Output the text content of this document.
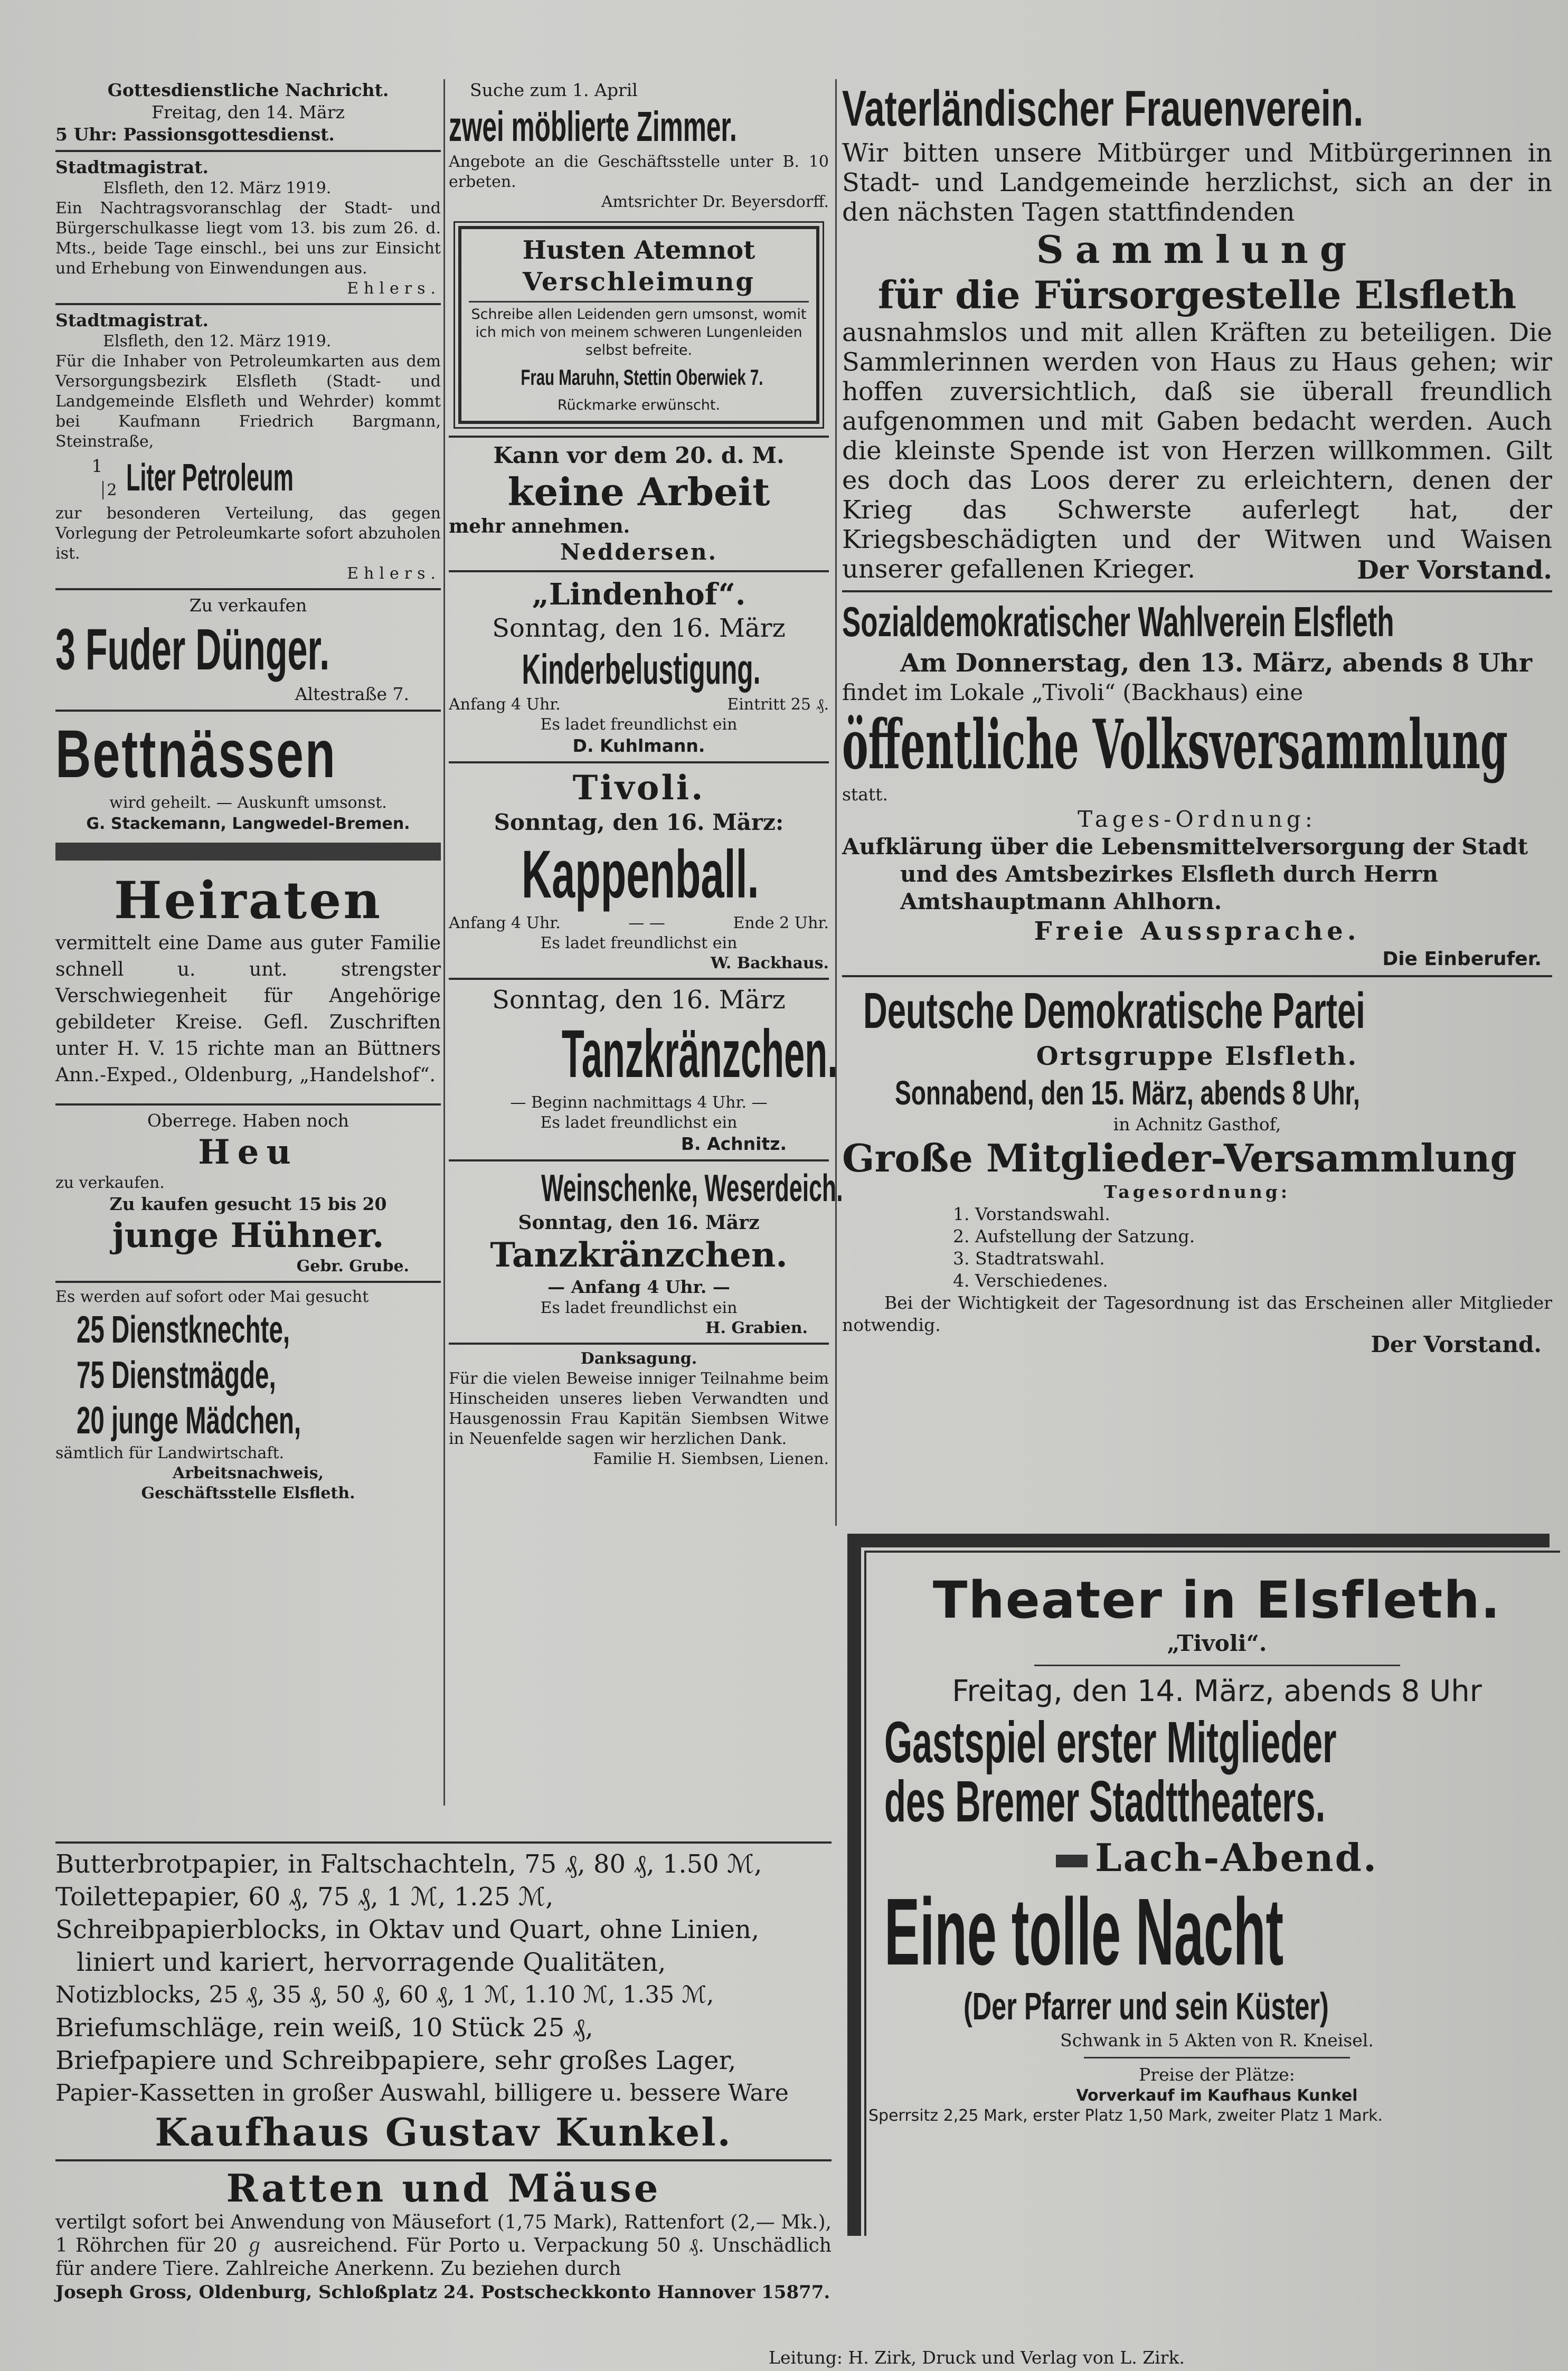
Gottesdienstliche Nachricht.

Freitag, den 14. März

5 Uhr: Passionsgottesdienst.

Stadtmagistrat.

Elsfleth, den 12. März 1919.

Ein Nachtragsvoranschlag der Stadt- und Bürgerschulkasse liegt vom 13. bis zum 26. d. Mts., beide Tage einschl., bei uns zur Einsicht und Erhebung von Einwendungen aus.

Ehlers.

Stadtmagistrat.

Elsfleth, den 12. März 1919.

Für die Inhaber von Petroleumkarten aus dem Versorgungsbezirk Elsfleth (Stadt- und Landgemeinde Elsfleth und Wehrder) kommt bei Kaufmann Friedrich Bargmann, Steinstraße,

12 Liter Petroleum

zur besonderen Verteilung, das gegen Vorlegung der Petroleumkarte sofort abzuholen ist.

Ehlers.

Zu verkaufen

3 Fuder Dünger.

Altestraße 7.

Bettnässen

wird geheilt. — Auskunft umsonst.

G. Stackemann, Langwedel-Bremen.

Heiraten

vermittelt eine Dame aus guter Familie schnell u. unt. strengster Verschwiegenheit für Angehörige gebildeter Kreise. Gefl. Zuschriften unter H. V. 15 richte man an Büttners Ann.-Exped., Oldenburg, „Handelshof“.

Oberrege. Haben noch

Heu

zu verkaufen.

Zu kaufen gesucht 15 bis 20

junge Hühner.

Gebr. Grube.

Es werden auf sofort oder Mai gesucht

25 Dienstknechte,

75 Dienstmägde,

20 junge Mädchen,

sämtlich für Landwirtschaft.

Arbeitsnachweis,

Geschäftsstelle Elsfleth.

Suche zum 1. April

zwei möblierte Zimmer.

Angebote an die Geschäftsstelle unter B. 10 erbeten.

Amtsrichter Dr. Beyersdorff.

Husten Atemnot

Verschleimung

Schreibe allen Leidenden gern umsonst, womit ich mich von meinem schweren Lungenleiden selbst befreite.

Frau Maruhn, Stettin Oberwiek 7.

Rückmarke erwünscht.

Kann vor dem 20. d. M.

keine Arbeit

mehr annehmen.

Neddersen.

„Lindenhof“.

Sonntag, den 16. März

Kinderbelustigung.

Anfang 4 Uhr.	Eintritt 25 ₰.

Es ladet freundlichst ein

D. Kuhlmann.

Tivoli.

Sonntag, den 16. März:

Kappenball.

Anfang 4 Uhr.	— —	Ende 2 Uhr.

Es ladet freundlichst ein

W. Backhaus.

Sonntag, den 16. März

Tanzkränzchen.

— Beginn nachmittags 4 Uhr. —

Es ladet freundlichst ein

B. Achnitz.

Weinschenke, Weserdeich.

Sonntag, den 16. März

Tanzkränzchen.

— Anfang 4 Uhr. —

Es ladet freundlichst ein

H. Grabien.

Danksagung.

Für die vielen Beweise inniger Teilnahme beim Hinscheiden unseres lieben Verwandten und Hausgenossin Frau Kapitän Siembsen Witwe in Neuenfelde sagen wir herzlichen Dank.

Familie H. Siembsen, Lienen.

Butterbrotpapier, in Faltschachteln, 75 ₰, 80 ₰, 1.50 ℳ,

Toilettepapier, 60 ₰, 75 ₰, 1 ℳ, 1.25 ℳ,

Schreibpapierblocks, in Oktav und Quart, ohne Linien,

liniert und kariert, hervorragende Qualitäten,

Notizblocks, 25 ₰, 35 ₰, 50 ₰, 60 ₰, 1 ℳ, 1.10 ℳ, 1.35 ℳ,

Briefumschläge, rein weiß, 10 Stück 25 ₰,

Briefpapiere und Schreibpapiere, sehr großes Lager,

Papier-Kassetten in großer Auswahl, billigere u. bessere Ware

Kaufhaus Gustav Kunkel.

Ratten und Mäuse

vertilgt sofort bei Anwendung von Mäusefort (1,75 Mark), Rattenfort (2,— Mk.), 1 Röhrchen für 20 ℊ ausreichend. Für Porto u. Verpackung 50 ₰. Unschädlich für andere Tiere. Zahlreiche Anerkenn. Zu beziehen durch

Joseph Gross, Oldenburg, Schloßplatz 24. Postscheckkonto Hannover 15877.

Vaterländischer Frauenverein.

Wir bitten unsere Mitbürger und Mitbürgerinnen in Stadt- und Landgemeinde herzlichst, sich an der in den nächsten Tagen stattfindenden

Sammlung

für die Fürsorgestelle Elsfleth

ausnahmslos und mit allen Kräften zu beteiligen. Die Sammlerinnen werden von Haus zu Haus gehen; wir hoffen zuversichtlich, daß sie überall freundlich aufgenommen und mit Gaben bedacht werden. Auch die kleinste Spende ist von Herzen willkommen. Gilt es doch das Loos derer zu erleichtern, denen der Krieg das Schwerste auferlegt hat, der Kriegsbeschädigten und der Witwen und Waisen unserer gefallenen Krieger.	Der Vorstand.

Sozialdemokratischer Wahlverein Elsfleth

Am Donnerstag, den 13. März, abends 8 Uhr

findet im Lokale „Tivoli“ (Backhaus) eine

öffentliche Volksversammlung

statt.

Tages-Ordnung:

Aufklärung über die Lebensmittelversorgung der Stadt

und des Amtsbezirkes Elsfleth durch Herrn

Amtshauptmann Ahlhorn.

Freie Aussprache.

Die Einberufer.

Deutsche Demokratische Partei

Ortsgruppe Elsfleth.

Sonnabend, den 15. März, abends 8 Uhr,

in Achnitz Gasthof,

Große Mitglieder-Versammlung

Tagesordnung:

1. Vorstandswahl.

2. Aufstellung der Satzung.

3. Stadtratswahl.

4. Verschiedenes.

Bei der Wichtigkeit der Tagesordnung ist das Erscheinen aller Mitglieder notwendig.

Der Vorstand.

Theater in Elsfleth.

„Tivoli“.

Freitag, den 14. März, abends 8 Uhr

Gastspiel erster Mitglieder

des Bremer Stadttheaters.

Lach-Abend.

Eine tolle Nacht

(Der Pfarrer und sein Küster)

Schwank in 5 Akten von R. Kneisel.

Preise der Plätze:

Vorverkauf im Kaufhaus Kunkel

Sperrsitz 2,25 Mark, erster Platz 1,50 Mark, zweiter Platz 1 Mark.

Leitung: H. Zirk, Druck und Verlag von L. Zirk.
